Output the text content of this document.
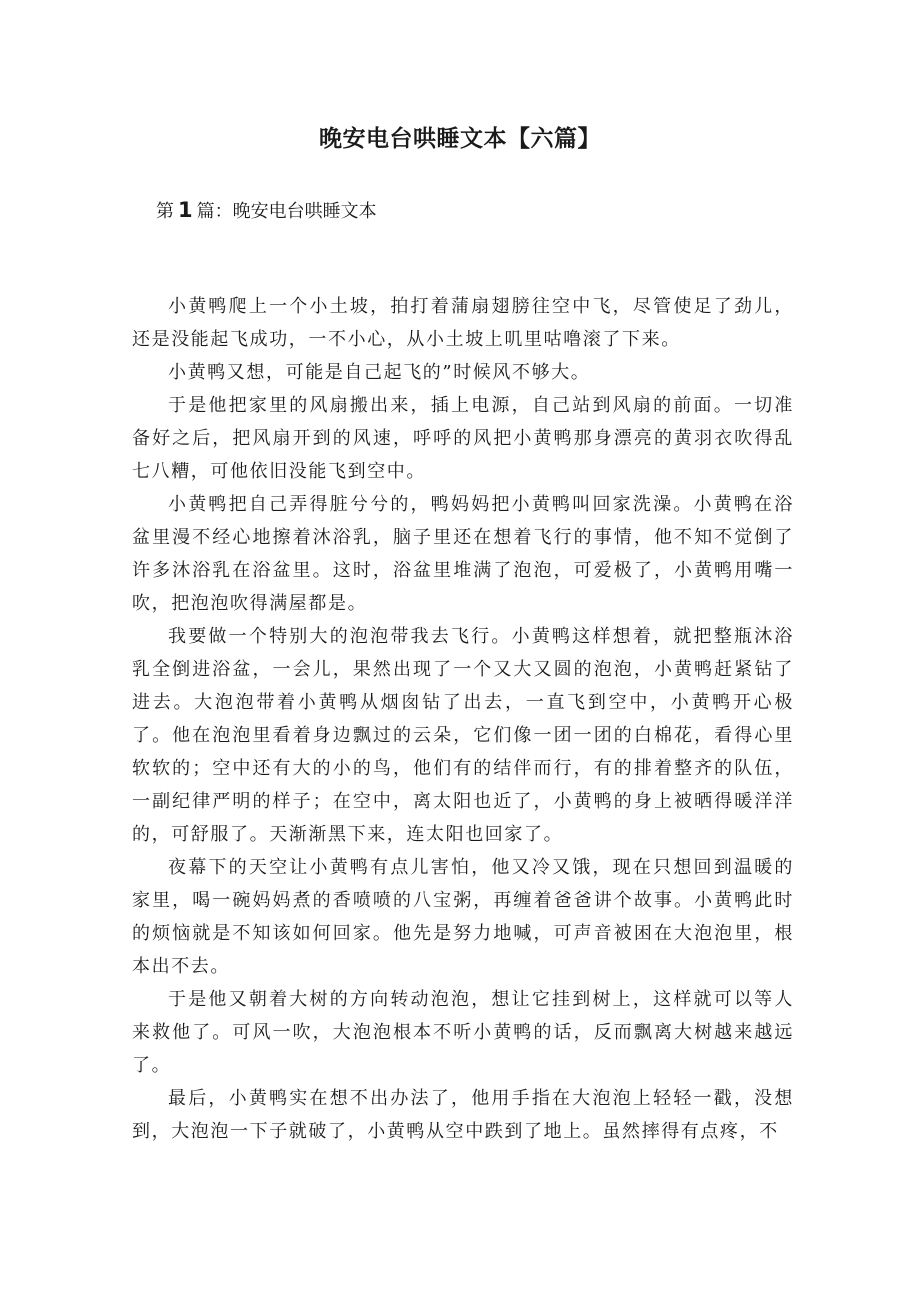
晚安电台哄睡文本【六篇】
第 1 篇：晚安电台哄睡文本

小黄鸭爬上一个小土坡，拍打着蒲扇翅膀往空中飞，尽管使足了劲儿，还是没能起飞成功，一不小心，从小土坡上叽里咕噜滚了下来。

小黄鸭又想，可能是自己起飞的”时候风不够大。

于是他把家里的风扇搬出来，插上电源，自己站到风扇的前面。一切准备好之后，把风扇开到的风速，呼呼的风把小黄鸭那身漂亮的黄羽衣吹得乱七八糟，可他依旧没能飞到空中。

小黄鸭把自己弄得脏兮兮的，鸭妈妈把小黄鸭叫回家洗澡。小黄鸭在浴盆里漫不经心地擦着沐浴乳，脑子里还在想着飞行的事情，他不知不觉倒了许多沐浴乳在浴盆里。这时，浴盆里堆满了泡泡，可爱极了，小黄鸭用嘴一吹，把泡泡吹得满屋都是。

我要做一个特别大的泡泡带我去飞行。小黄鸭这样想着，就把整瓶沐浴乳全倒进浴盆，一会儿，果然出现了一个又大又圆的泡泡，小黄鸭赶紧钻了进去。大泡泡带着小黄鸭从烟囱钻了出去，一直飞到空中，小黄鸭开心极了。他在泡泡里看着身边飘过的云朵，它们像一团一团的白棉花，看得心里软软的；空中还有大的小的鸟，他们有的结伴而行，有的排着整齐的队伍，一副纪律严明的样子；在空中，离太阳也近了，小黄鸭的身上被晒得暖洋洋的，可舒服了。天渐渐黑下来，连太阳也回家了。

夜幕下的天空让小黄鸭有点儿害怕，他又冷又饿，现在只想回到温暖的家里，喝一碗妈妈煮的香喷喷的八宝粥，再缠着爸爸讲个故事。小黄鸭此时的烦恼就是不知该如何回家。他先是努力地喊，可声音被困在大泡泡里，根本出不去。

于是他又朝着大树的方向转动泡泡，想让它挂到树上，这样就可以等人来救他了。可风一吹，大泡泡根本不听小黄鸭的话，反而飘离大树越来越远了。

最后，小黄鸭实在想不出办法了，他用手指在大泡泡上轻轻一戳，没想到，大泡泡一下子就破了，小黄鸭从空中跌到了地上。虽然摔得有点疼，不
